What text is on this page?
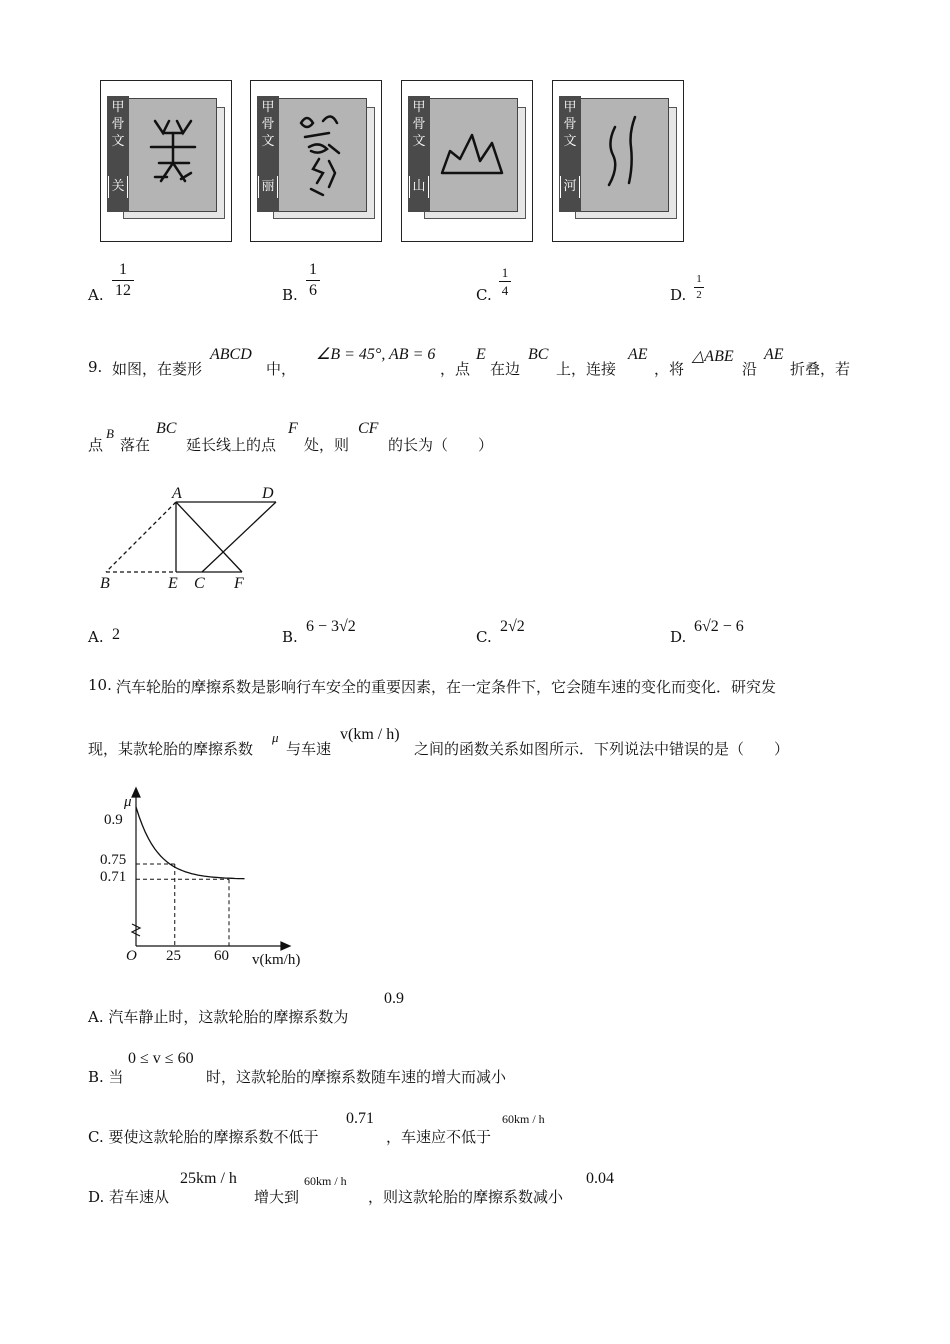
甲骨文
关
甲骨文
丽
甲骨文
山
甲骨文
河
A.
1
12	B.
1
6	C.
1
4	D.
1
2
9. 如图，在菱形
ABCD
中，
∠B = 45°, AB = 6
，点
E
在边
BC
上，连接
AE
，将
△ABE
沿
AE
折叠，若
点
B
落在
BC
延长线上的点
F
处，则
CF
的长为（　　）
A	D
B	E C F
A. 2	B.
6 − 3√2
C.
2√2
D.
6√2 − 6
10. 汽车轮胎的摩擦系数是影响行车安全的重要因素，在一定条件下，它会随车速的变化而变化．研究发
现，某款轮胎的摩擦系数
μ
与车速
v(km / h)
之间的函数关系如图所示．下列说法中错误的是（　　）
μ
O
0.9
0.75
0.71
25 60 v(km/h)
A. 汽车静止时，这款轮胎的摩擦系数为
0.9
B. 当
0 ≤ v ≤ 60
时，这款轮胎的摩擦系数随车速的增大而减小
C. 要使这款轮胎的摩擦系数不低于
0.71
，车速应不低于
60km / h
D. 若车速从
25km / h
增大到
60km / h
，则这款轮胎的摩擦系数减小
0.04
